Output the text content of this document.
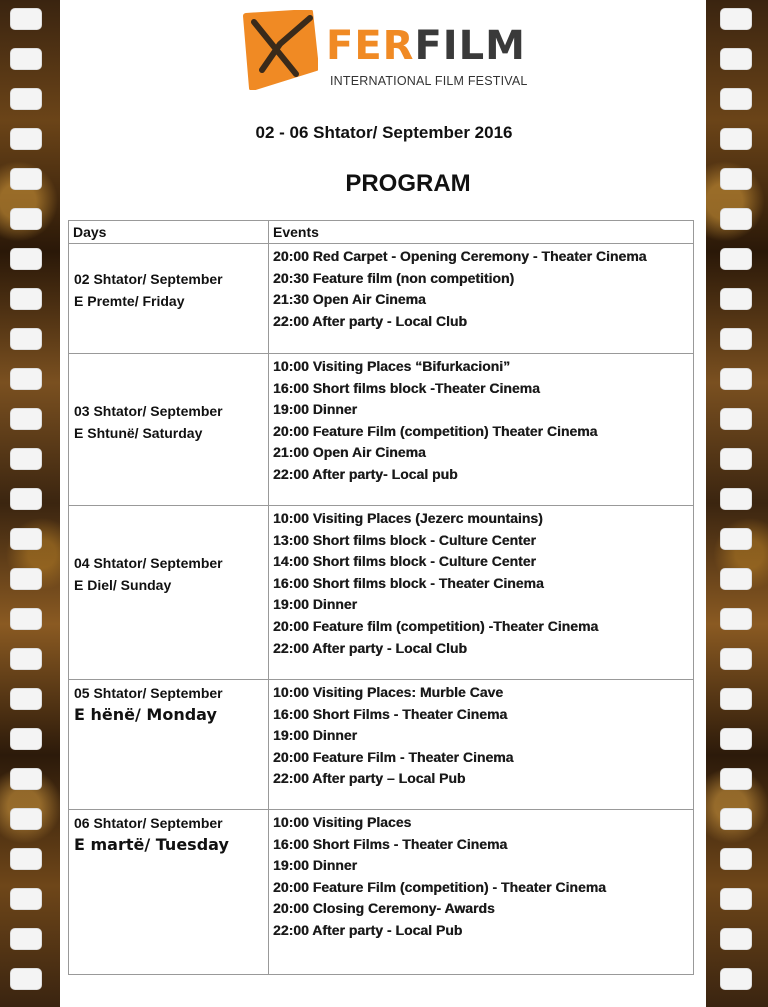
FERFILM
INTERNATIONAL FILM FESTIVAL
02 - 06 Shtator/ September 2016
PROGRAM
Days	Events
02 Shtator/ September
E Premte/ Friday
20:00 Red Carpet - Opening Ceremony - Theater Cinema
20:30 Feature film (non competition)
21:30 Open Air Cinema
22:00 After party - Local Club
03 Shtator/ September
E Shtunë/ Saturday
10:00 Visiting Places “Bifurkacioni”
16:00 Short films block -Theater Cinema
19:00 Dinner
20:00 Feature Film (competition) Theater Cinema
21:00 Open Air Cinema
22:00 After party- Local pub
04 Shtator/ September
E Diel/ Sunday
10:00 Visiting Places (Jezerc mountains)
13:00 Short films block - Culture Center
14:00 Short films block - Culture Center
16:00 Short films block - Theater Cinema
19:00 Dinner
20:00 Feature film (competition) -Theater Cinema
22:00 After party - Local Club
05 Shtator/ September
E hënë/ Monday
10:00 Visiting Places: Murble Cave
16:00 Short Films - Theater Cinema
19:00 Dinner
20:00 Feature Film - Theater Cinema
22:00 After party – Local Pub
06 Shtator/ September
E martë/ Tuesday
10:00 Visiting Places
16:00 Short Films - Theater Cinema
19:00 Dinner
20:00 Feature Film (competition) - Theater Cinema
20:00 Closing Ceremony- Awards
22:00 After party - Local Pub
